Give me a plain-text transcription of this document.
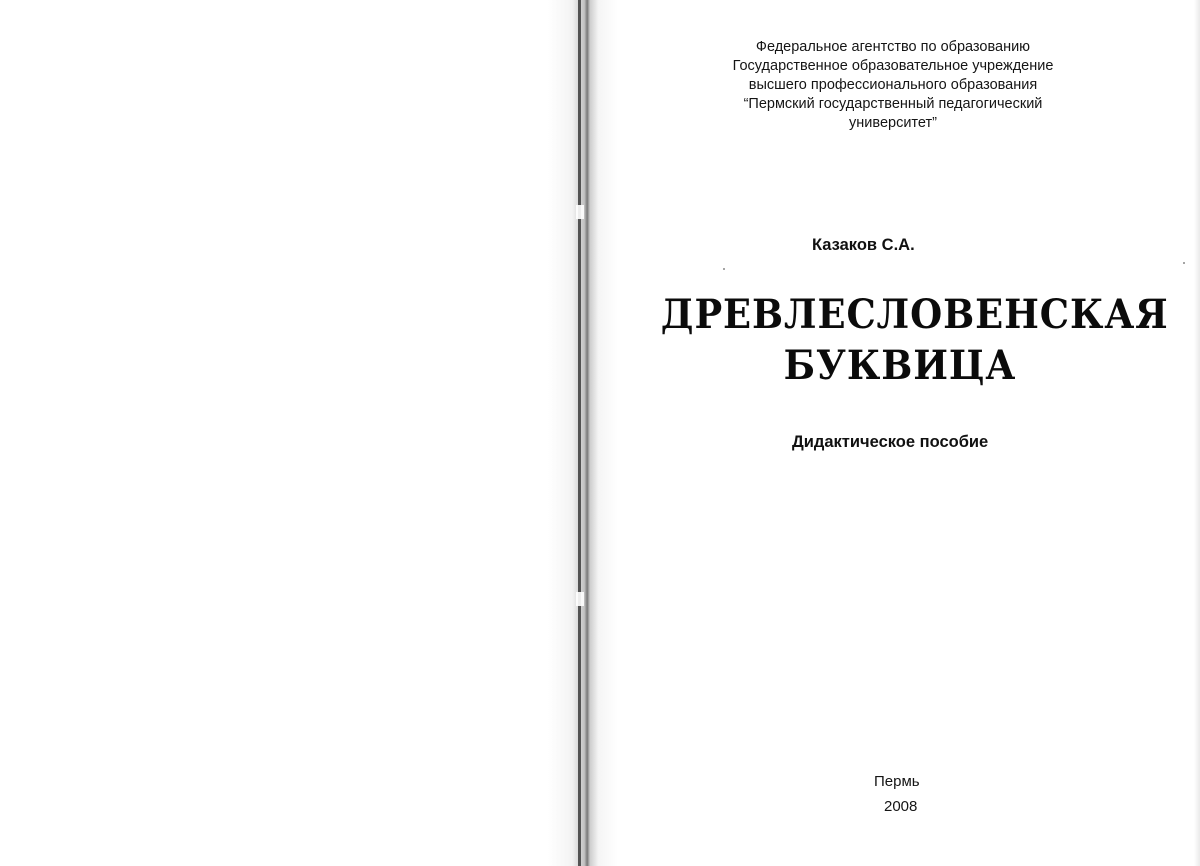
Федеральное агентство по образованию
Государственное образовательное учреждение
высшего профессионального образования
“Пермский государственный педагогический
университет”
Казаков С.А.
ДРЕВЛЕСЛОВЕНСКАЯ
БУКВИЦА
Дидактическое пособие
Пермь
2008
